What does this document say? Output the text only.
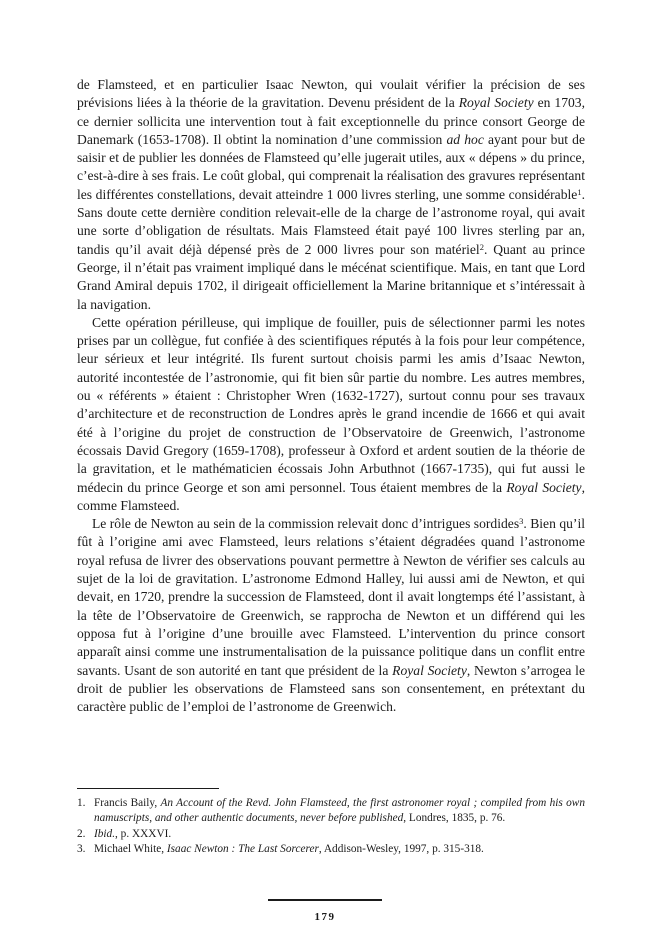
de Flamsteed, et en particulier Isaac Newton, qui voulait vérifier la précision de ses prévisions liées à la théorie de la gravitation. Devenu président de la Royal Society en 1703, ce dernier sollicita une intervention tout à fait exceptionnelle du prince consort George de Danemark (1653-1708). Il obtint la nomination d’une commission ad hoc ayant pour but de saisir et de publier les données de Flamsteed qu’elle jugerait utiles, aux « dépens » du prince, c’est-à-dire à ses frais. Le coût global, qui comprenait la réalisation des gravures représentant les différentes constellations, devait atteindre 1 000 livres sterling, une somme considérable$^1$. Sans doute cette dernière condition relevait-elle de la charge de l’astronome royal, qui avait une sorte d’obligation de résultats. Mais Flamsteed était payé 100 livres sterling par an, tandis qu’il avait déjà dépensé près de 2 000 livres pour son matériel$^2$. Quant au prince George, il n’était pas vraiment impliqué dans le mécénat scientifique. Mais, en tant que Lord Grand Amiral depuis 1702, il dirigeait officiellement la Marine britannique et s’intéressait à la navigation.

Cette opération périlleuse, qui implique de fouiller, puis de sélectionner parmi les notes prises par un collègue, fut confiée à des scientifiques réputés à la fois pour leur compétence, leur sérieux et leur intégrité. Ils furent surtout choisis parmi les amis d’Isaac Newton, autorité incontestée de l’astronomie, qui fit bien sûr partie du nombre. Les autres membres, ou « référents » étaient : Christopher Wren (1632-1727), surtout connu pour ses travaux d’architecture et de reconstruction de Londres après le grand incendie de 1666 et qui avait été à l’origine du projet de construction de l’Observatoire de Greenwich, l’astronome écossais David Gregory (1659-1708), professeur à Oxford et ardent soutien de la théorie de la gravitation, et le mathématicien écossais John Arbuthnot (1667-1735), qui fut aussi le médecin du prince George et son ami personnel. Tous étaient membres de la Royal Society, comme Flamsteed.

Le rôle de Newton au sein de la commission relevait donc d’intrigues sordides$^3$. Bien qu’il fût à l’origine ami avec Flamsteed, leurs relations s’étaient dégradées quand l’astronome royal refusa de livrer des observations pouvant permettre à Newton de vérifier ses calculs au sujet de la loi de gravitation. L’astronome Edmond Halley, lui aussi ami de Newton, et qui devait, en 1720, prendre la succession de Flamsteed, dont il avait longtemps été l’assistant, à la tête de l’Observatoire de Greenwich, se rapprocha de Newton et un différend qui les opposa fut à l’origine d’une brouille avec Flamsteed. L’intervention du prince consort apparaît ainsi comme une instrumentalisation de la puissance politique dans un conflit entre savants. Usant de son autorité en tant que président de la Royal Society, Newton s’arrogea le droit de publier les observations de Flamsteed sans son consentement, en prétextant du caractère public de l’emploi de l’astronome de Greenwich.

1. Francis Baily, An Account of the Revd. John Flamsteed, the first astronomer royal ; compiled from his own namuscripts, and other authentic documents, never before published, Londres, 1835, p. 76.
2. Ibid., p. XXXVI.
3. Michael White, Isaac Newton : The Last Sorcerer, Addison-Wesley, 1997, p. 315-318.
179
